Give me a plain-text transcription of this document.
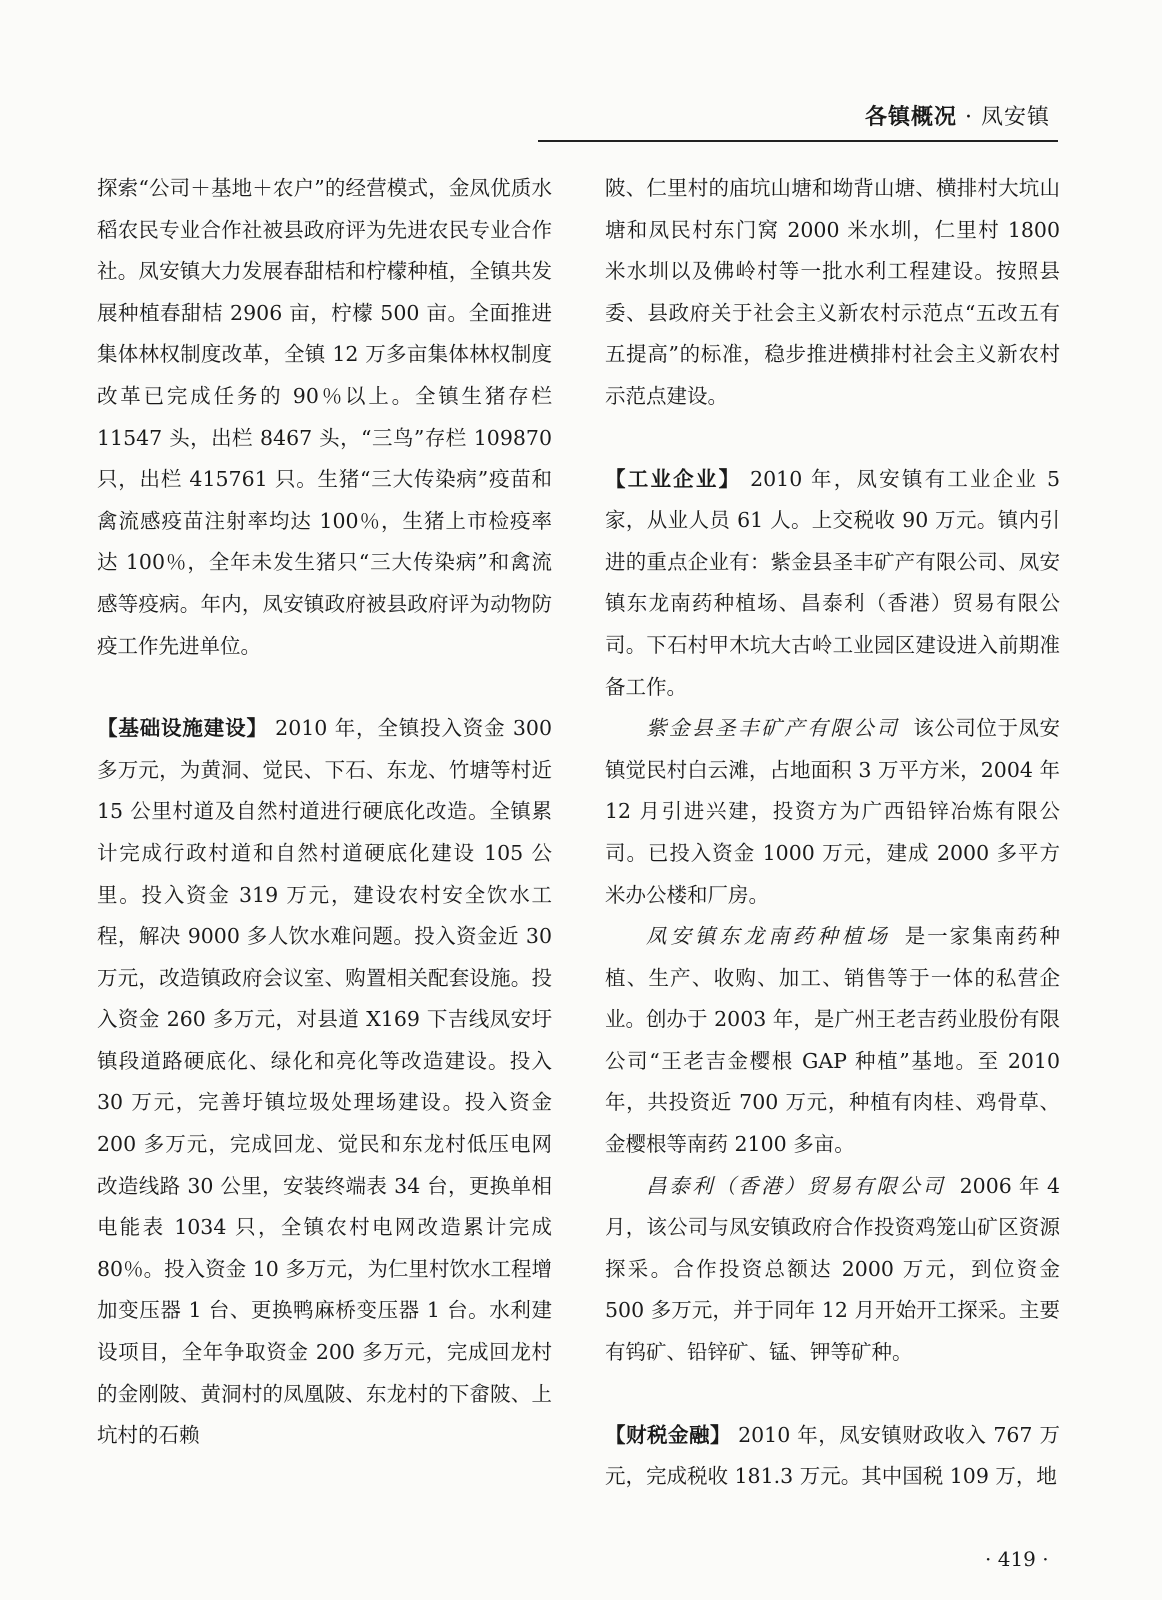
各镇概况 · 凤安镇

探索“公司＋基地＋农户”的经营模式，金凤优质水稻农民专业合作社被县政府评为先进农民专业合作社。凤安镇大力发展春甜桔和柠檬种植，全镇共发展种植春甜桔 2906 亩，柠檬 500 亩。全面推进集体林权制度改革，全镇 12 万多亩集体林权制度改革已完成任务的 90％以上。全镇生猪存栏 11547 头，出栏 8467 头，“三鸟”存栏 109870 只，出栏 415761 只。生猪“三大传染病”疫苗和禽流感疫苗注射率均达 100％，生猪上市检疫率达 100％，全年未发生猪只“三大传染病”和禽流感等疫病。年内，凤安镇政府被县政府评为动物防疫工作先进单位。

【基础设施建设】 2010 年，全镇投入资金 300 多万元，为黄洞、觉民、下石、东龙、竹塘等村近 15 公里村道及自然村道进行硬底化改造。全镇累计完成行政村道和自然村道硬底化建设 105 公里。投入资金 319 万元，建设农村安全饮水工程，解决 9000 多人饮水难问题。投入资金近 30 万元，改造镇政府会议室、购置相关配套设施。投入资金 260 多万元，对县道 X169 下吉线凤安圩镇段道路硬底化、绿化和亮化等改造建设。投入 30 万元，完善圩镇垃圾处理场建设。投入资金 200 多万元，完成回龙、觉民和东龙村低压电网改造线路 30 公里，安装终端表 34 台，更换单相电能表 1034 只，全镇农村电网改造累计完成 80％。投入资金 10 多万元，为仁里村饮水工程增加变压器 1 台、更换鸭麻桥变压器 1 台。水利建设项目，全年争取资金 200 多万元，完成回龙村的金刚陂、黄洞村的凤凰陂、东龙村的下畲陂、上坑村的石赖

陂、仁里村的庙坑山塘和坳背山塘、横排村大坑山塘和凤民村东门窝 2000 米水圳，仁里村 1800 米水圳以及佛岭村等一批水利工程建设。按照县委、县政府关于社会主义新农村示范点“五改五有五提高”的标准，稳步推进横排村社会主义新农村示范点建设。

【工业企业】 2010 年，凤安镇有工业企业 5 家，从业人员 61 人。上交税收 90 万元。镇内引进的重点企业有：紫金县圣丰矿产有限公司、凤安镇东龙南药种植场、昌泰利（香港）贸易有限公司。下石村甲木坑大古岭工业园区建设进入前期准备工作。

紫金县圣丰矿产有限公司 该公司位于凤安镇觉民村白云滩，占地面积 3 万平方米，2004 年 12 月引进兴建，投资方为广西铅锌冶炼有限公司。已投入资金 1000 万元，建成 2000 多平方米办公楼和厂房。

凤安镇东龙南药种植场 是一家集南药种植、生产、收购、加工、销售等于一体的私营企业。创办于 2003 年，是广州王老吉药业股份有限公司“王老吉金樱根 GAP 种植”基地。至 2010 年，共投资近 700 万元，种植有肉桂、鸡骨草、金樱根等南药 2100 多亩。

昌泰利（香港）贸易有限公司 2006 年 4 月，该公司与凤安镇政府合作投资鸡笼山矿区资源探采。合作投资总额达 2000 万元，到位资金 500 多万元，并于同年 12 月开始开工探采。主要有钨矿、铅锌矿、锰、钾等矿种。

【财税金融】 2010 年，凤安镇财政收入 767 万元，完成税收 181.3 万元。其中国税 109 万，地

· 419 ·
